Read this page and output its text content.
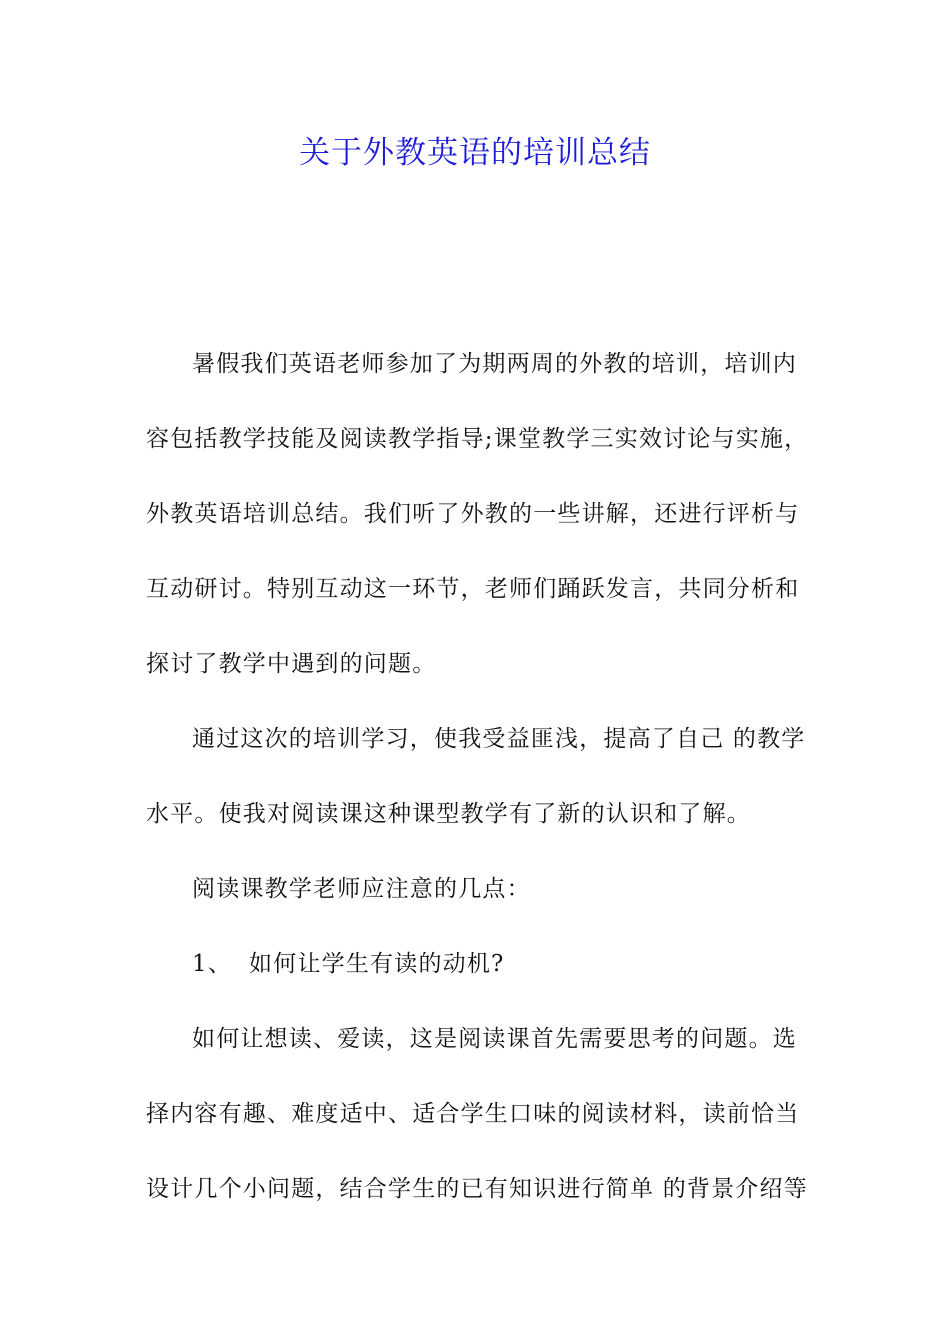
关于外教英语的培训总结
暑假我们英语老师参加了为期两周的外教的培训，培训内
容包括教学技能及阅读教学指导;课堂教学三实效讨论与实施，
外教英语培训总结。我们听了外教的一些讲解，还进行评析与
互动研讨。特别互动这一环节，老师们踊跃发言，共同分析和
探讨了教学中遇到的问题。
通过这次的培训学习，使我受益匪浅，提高了自己 的教学
水平。使我对阅读课这种课型教学有了新的认识和了解。
阅读课教学老师应注意的几点：
1、  如何让学生有读的动机?
如何让想读、爱读，这是阅读课首先需要思考的问题。选
择内容有趣、难度适中、适合学生口味的阅读材料，读前恰当
设计几个小问题，结合学生的已有知识进行简单 的背景介绍等
